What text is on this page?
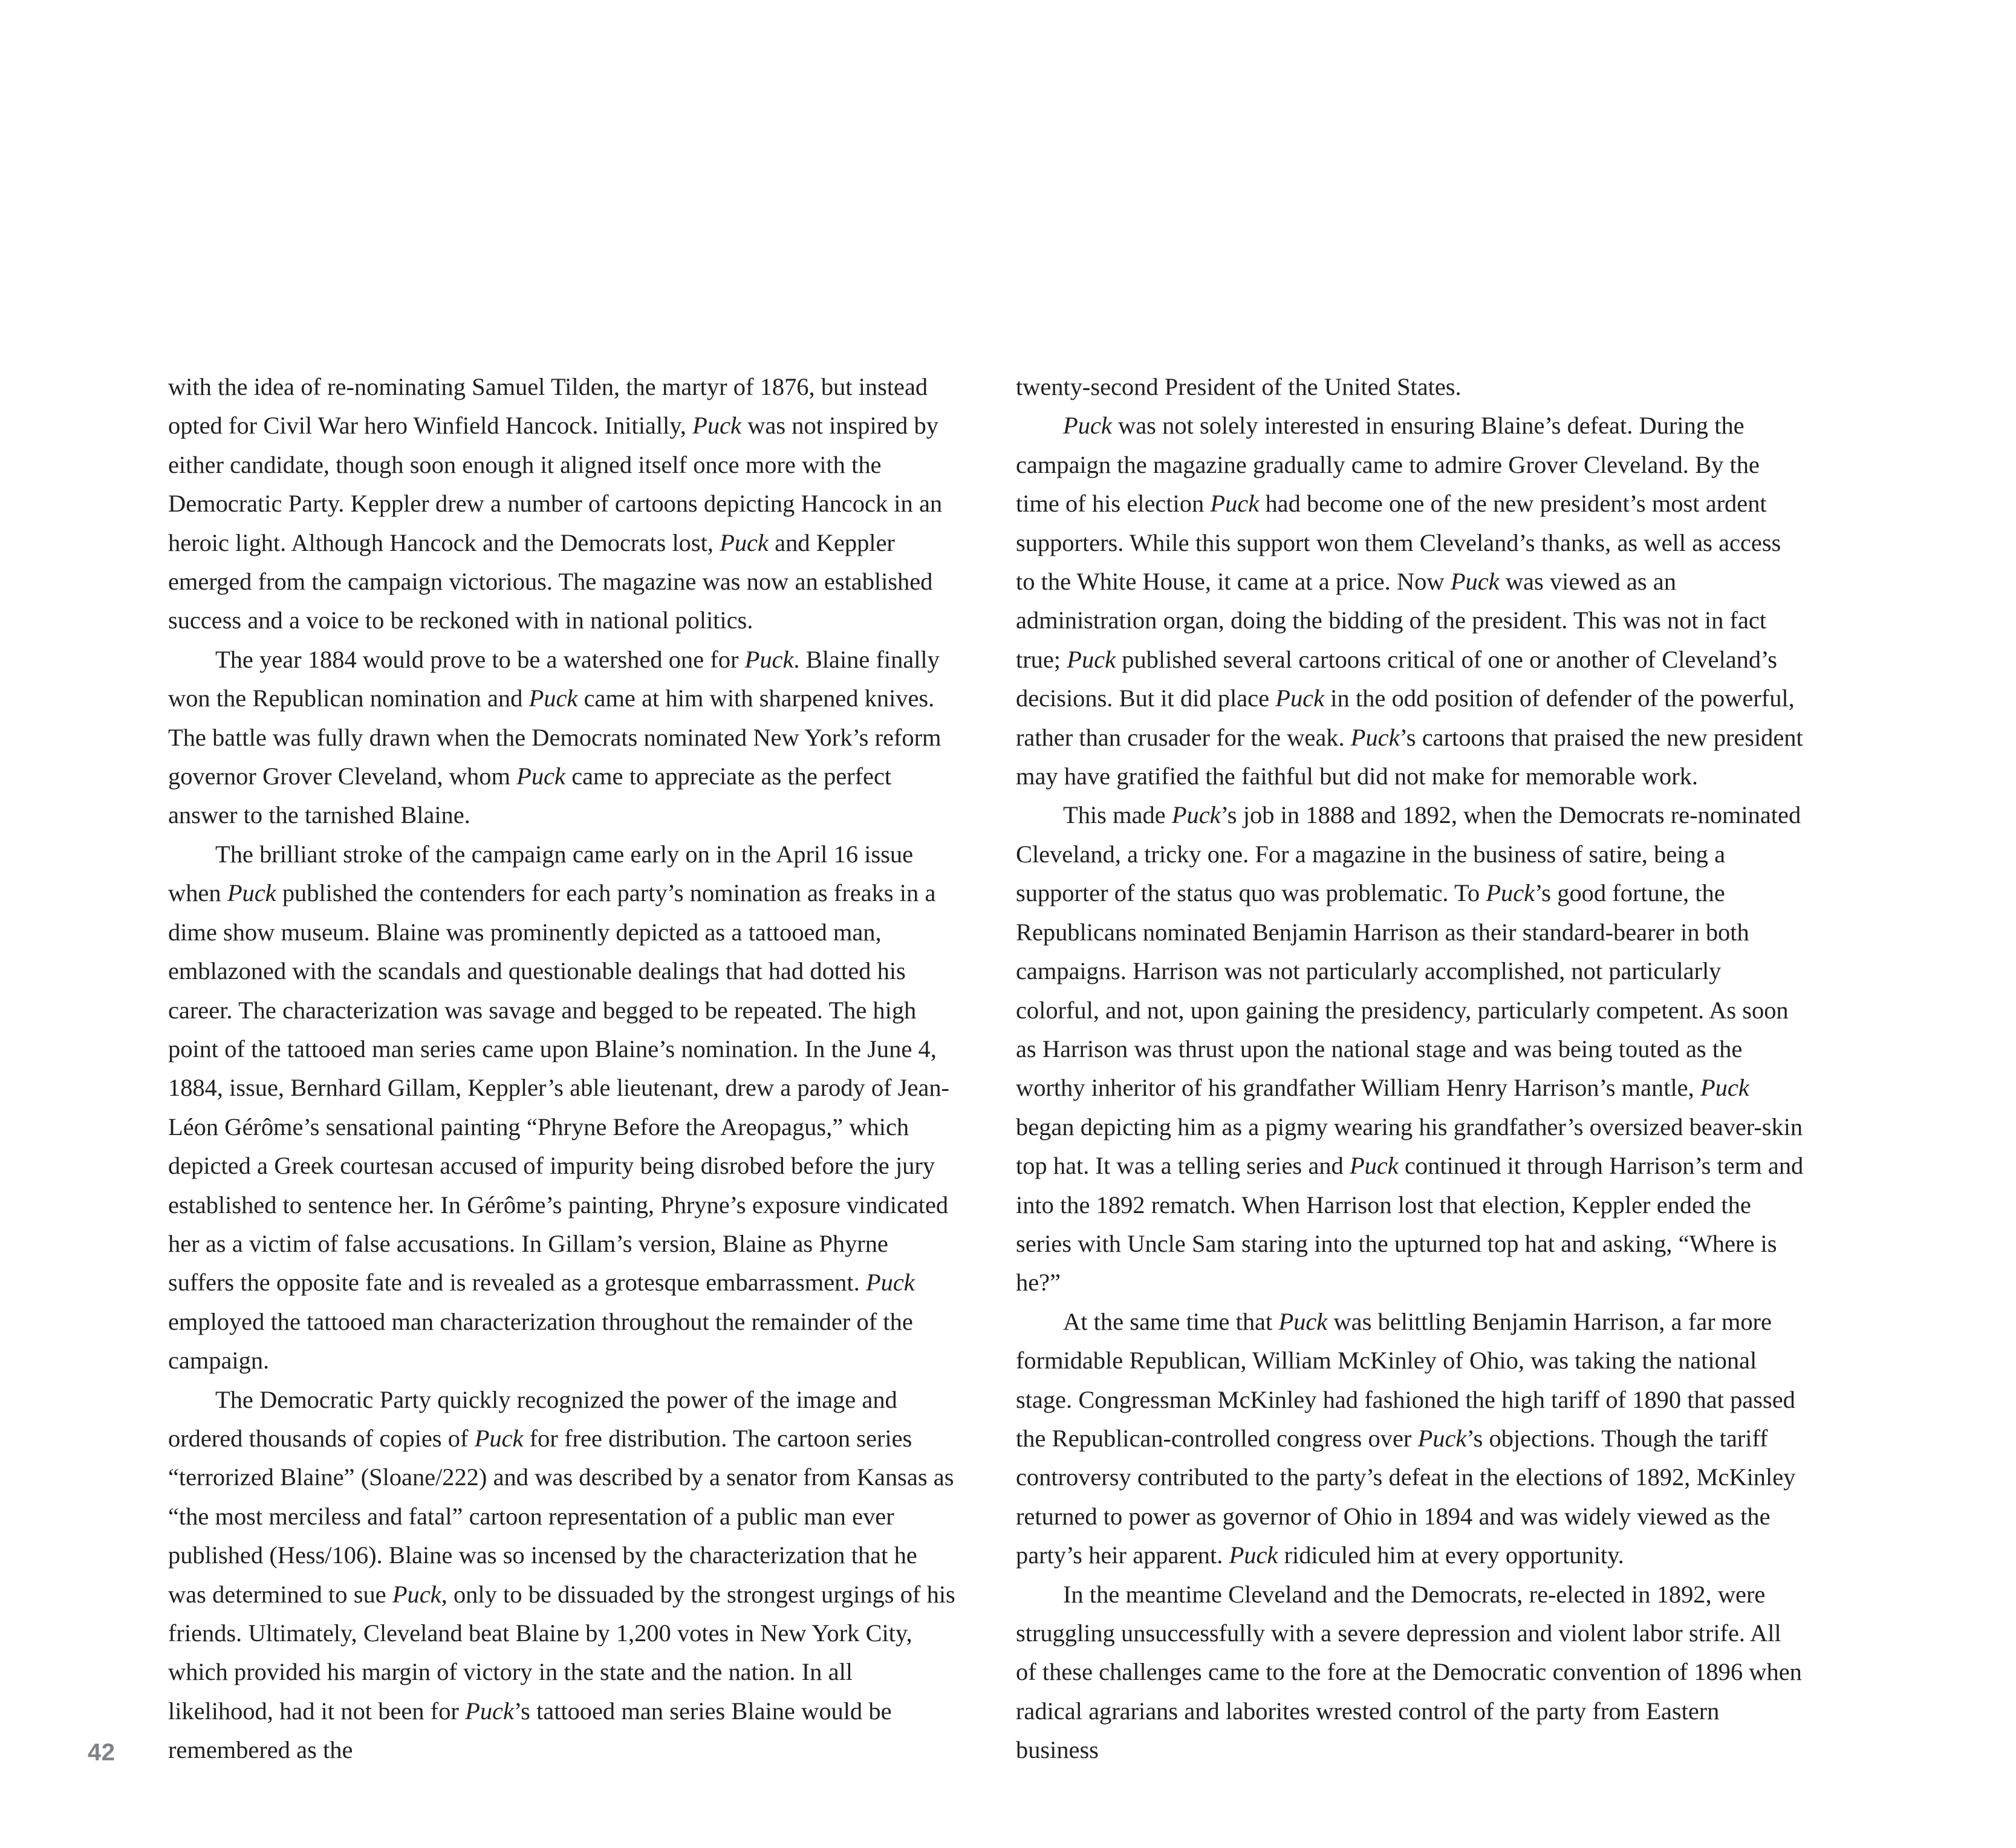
with the idea of re-nominating Samuel Tilden, the martyr of 1876, but instead opted for Civil War hero Winfield Hancock. Initially, Puck was not inspired by either candidate, though soon enough it aligned itself once more with the Democratic Party. Keppler drew a number of cartoons depicting Hancock in an heroic light. Although Hancock and the Democrats lost, Puck and Keppler emerged from the campaign victorious. The magazine was now an established success and a voice to be reckoned with in national politics.

The year 1884 would prove to be a watershed one for Puck. Blaine finally won the Republican nomination and Puck came at him with sharpened knives. The battle was fully drawn when the Democrats nominated New York’s reform governor Grover Cleveland, whom Puck came to appreciate as the perfect answer to the tarnished Blaine.

The brilliant stroke of the campaign came early on in the April 16 issue when Puck published the contenders for each party’s nomination as freaks in a dime show museum. Blaine was prominently depicted as a tattooed man, emblazoned with the scandals and questionable dealings that had dotted his career. The characterization was savage and begged to be repeated. The high point of the tattooed man series came upon Blaine’s nomination. In the June 4, 1884, issue, Bernhard Gillam, Keppler’s able lieutenant, drew a parody of Jean-Léon Gérôme’s sensational painting “Phryne Before the Areopagus,” which depicted a Greek courtesan accused of impurity being disrobed before the jury established to sentence her. In Gérôme’s painting, Phryne’s exposure vindicated her as a victim of false accusations. In Gillam’s version, Blaine as Phyrne suffers the opposite fate and is revealed as a grotesque embarrassment. Puck employed the tattooed man characterization throughout the remainder of the campaign.

The Democratic Party quickly recognized the power of the image and ordered thousands of copies of Puck for free distribution. The cartoon series “terrorized Blaine” (Sloane/222) and was described by a senator from Kansas as “the most merciless and fatal” cartoon representation of a public man ever published (Hess/106). Blaine was so incensed by the characterization that he was determined to sue Puck, only to be dissuaded by the strongest urgings of his friends. Ultimately, Cleveland beat Blaine by 1,200 votes in New York City, which provided his margin of victory in the state and the nation. In all likelihood, had it not been for Puck’s tattooed man series Blaine would be remembered as the

twenty-second President of the United States.

Puck was not solely interested in ensuring Blaine’s defeat. During the campaign the magazine gradually came to admire Grover Cleveland. By the time of his election Puck had become one of the new president’s most ardent supporters. While this support won them Cleveland’s thanks, as well as access to the White House, it came at a price. Now Puck was viewed as an administration organ, doing the bidding of the president. This was not in fact true; Puck published several cartoons critical of one or another of Cleveland’s decisions. But it did place Puck in the odd position of defender of the powerful, rather than crusader for the weak. Puck’s cartoons that praised the new president may have gratified the faithful but did not make for memorable work.

This made Puck’s job in 1888 and 1892, when the Democrats re-nominated Cleveland, a tricky one. For a magazine in the business of satire, being a supporter of the status quo was problematic. To Puck’s good fortune, the Republicans nominated Benjamin Harrison as their standard-bearer in both campaigns. Harrison was not particularly accomplished, not particularly colorful, and not, upon gaining the presidency, particularly competent. As soon as Harrison was thrust upon the national stage and was being touted as the worthy inheritor of his grandfather William Henry Harrison’s mantle, Puck began depicting him as a pigmy wearing his grandfather’s oversized beaver-skin top hat. It was a telling series and Puck continued it through Harrison’s term and into the 1892 rematch. When Harrison lost that election, Keppler ended the series with Uncle Sam staring into the upturned top hat and asking, “Where is he?”

At the same time that Puck was belittling Benjamin Harrison, a far more formidable Republican, William McKinley of Ohio, was taking the national stage. Congressman McKinley had fashioned the high tariff of 1890 that passed the Republican-controlled congress over Puck’s objections. Though the tariff controversy contributed to the party’s defeat in the elections of 1892, McKinley returned to power as governor of Ohio in 1894 and was widely viewed as the party’s heir apparent. Puck ridiculed him at every opportunity.

In the meantime Cleveland and the Democrats, re-elected in 1892, were struggling unsuccessfully with a severe depression and violent labor strife. All of these challenges came to the fore at the Democratic convention of 1896 when radical agrarians and laborites wrested control of the party from Eastern business

42
